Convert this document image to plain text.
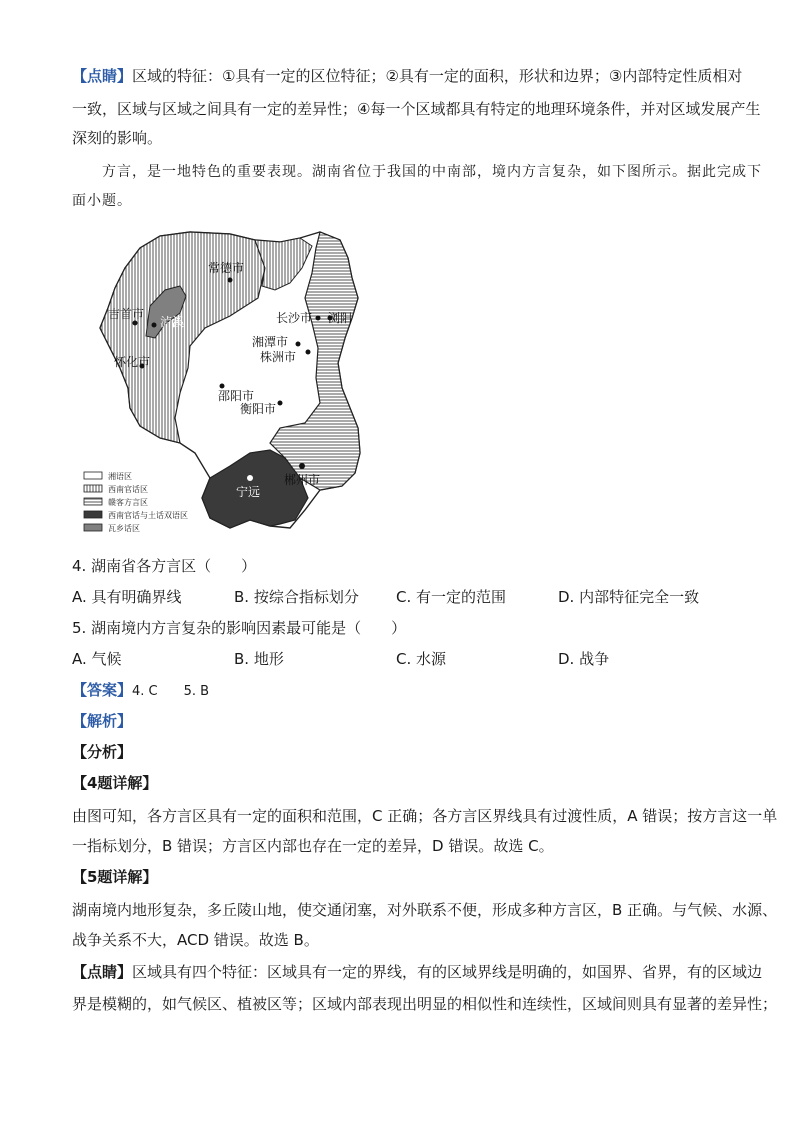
【点睛】区域的特征：①具有一定的区位特征；②具有一定的面积，形状和边界；③内部特定性质相对
一致，区域与区域之间具有一定的差异性；④每一个区域都具有特定的地理环境条件，并对区域发展产生
深刻的影响。
方言，是一地特色的重要表现。湖南省位于我国的中南部，境内方言复杂，如下图所示。据此完成下
面小题。
常德市
吉首市
泸溪
怀化市
长沙市 浏阳
湘潭市
株洲市
邵阳市
衡阳市
宁远
郴州市
湘语区
西南官话区
赣客方言区
西南官话与土话双语区
瓦乡话区
4. 湖南省各方言区（　　）
A. 具有明确界线	B. 按综合指标划分 C. 有一定的范围	D. 内部特征完全一致
5. 湖南境内方言复杂的影响因素最可能是（　　）
A. 气候	B. 地形	C. 水源	D. 战争
【答案】4. C　　5. B
【解析】
【分析】
【4题详解】
由图可知，各方言区具有一定的面积和范围，C 正确；各方言区界线具有过渡性质，A 错误；按方言这一单
一指标划分，B 错误；方言区内部也存在一定的差异，D 错误。故选 C。
【5题详解】
湖南境内地形复杂，多丘陵山地，使交通闭塞，对外联系不便，形成多种方言区，B 正确。与气候、水源、
战争关系不大，ACD 错误。故选 B。
【点睛】区域具有四个特征：区域具有一定的界线，有的区域界线是明确的，如国界、省界，有的区域边
界是模糊的，如气候区、植被区等；区域内部表现出明显的相似性和连续性，区域间则具有显著的差异性；
